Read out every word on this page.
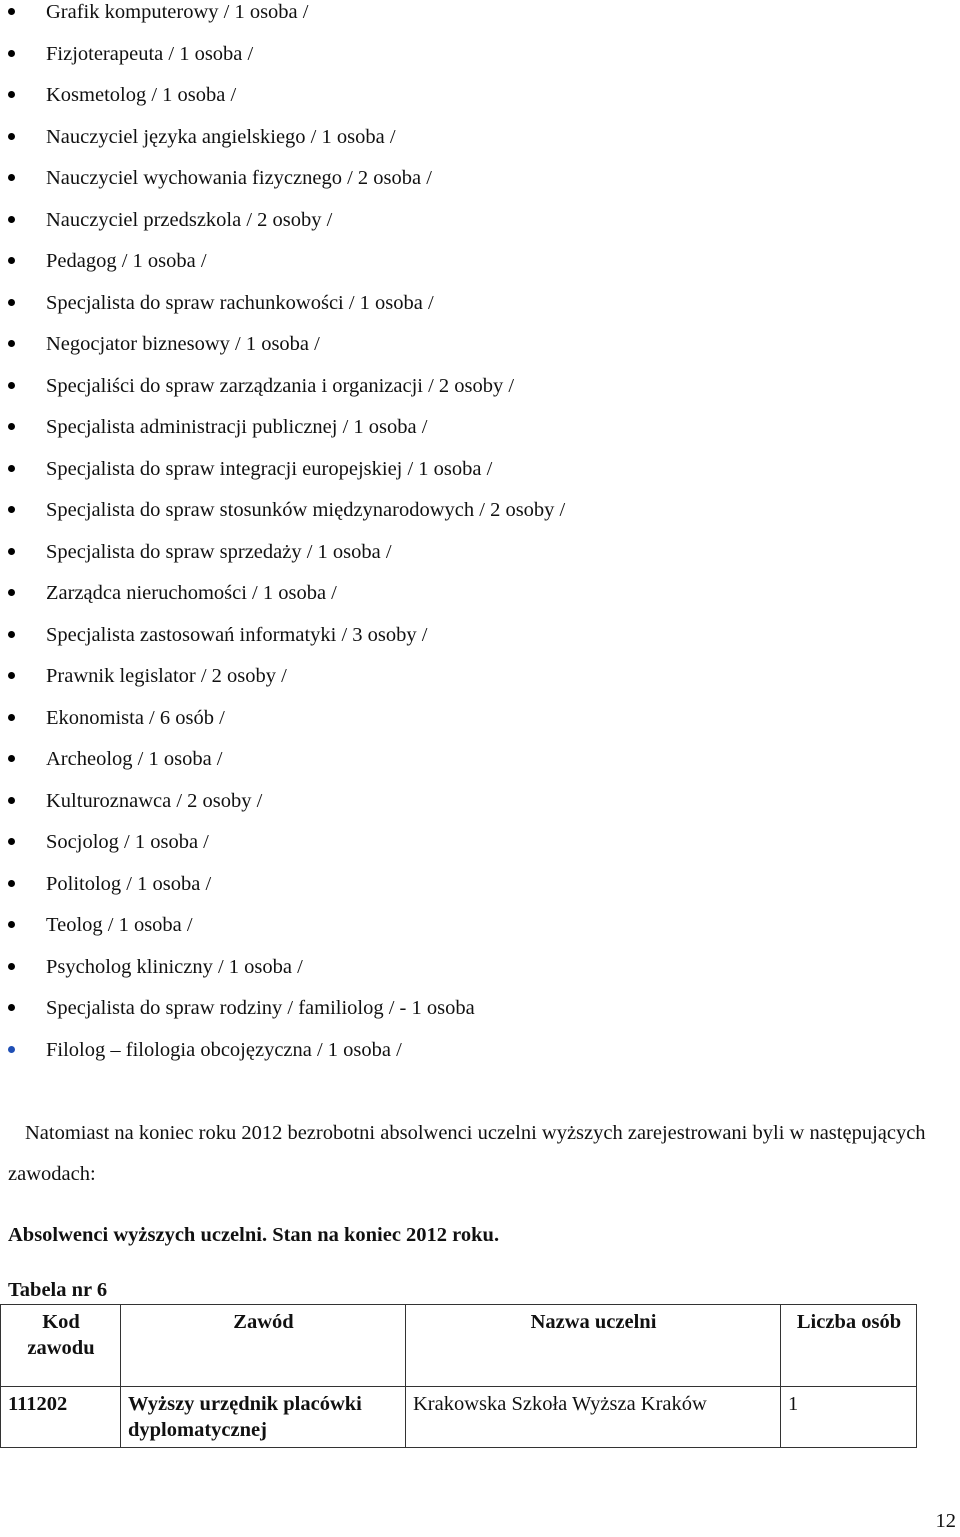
Grafik komputerowy / 1 osoba /
Fizjoterapeuta / 1 osoba /
Kosmetolog / 1 osoba /
Nauczyciel języka angielskiego / 1 osoba /
Nauczyciel wychowania fizycznego / 2 osoba /
Nauczyciel przedszkola / 2 osoby /
Pedagog / 1 osoba /
Specjalista do spraw rachunkowości / 1 osoba /
Negocjator biznesowy / 1 osoba /
Specjaliści do spraw zarządzania i organizacji / 2 osoby /
Specjalista administracji publicznej / 1 osoba /
Specjalista do spraw integracji europejskiej / 1 osoba /
Specjalista do spraw stosunków międzynarodowych / 2 osoby /
Specjalista do spraw sprzedaży / 1 osoba /
Zarządca nieruchomości / 1 osoba /
Specjalista zastosowań informatyki / 3 osoby /
Prawnik legislator / 2 osoby /
Ekonomista / 6 osób /
Archeolog / 1 osoba /
Kulturoznawca / 2 osoby /
Socjolog / 1 osoba /
Politolog / 1 osoba /
Teolog / 1 osoba /
Psycholog kliniczny / 1 osoba /
Specjalista do spraw rodziny / familiolog / - 1 osoba
Filolog – filologia obcojęzyczna / 1 osoba /

Natomiast na koniec roku 2012 bezrobotni absolwenci uczelni wyższych zarejestrowani byli w następujących zawodach:

Absolwenci wyższych uczelni. Stan na koniec 2012 roku.

Tabela nr 6
Kod zawodu	Zawód	Nazwa uczelni	Liczba osób
111202	Wyższy urzędnik placówki dyplomatycznej	Krakowska Szkoła Wyższa Kraków	1
12
